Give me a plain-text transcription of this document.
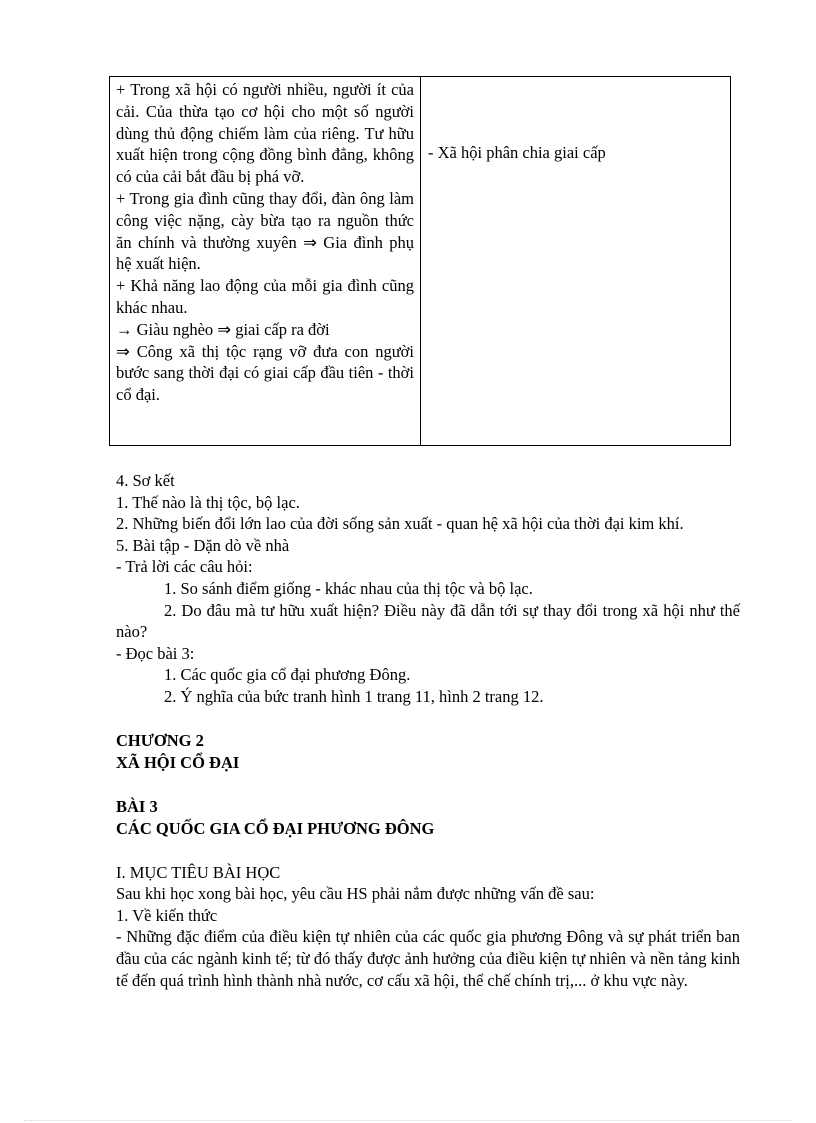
+ Trong xã hội có người nhiều, người ít của cải. Của thừa tạo cơ hội cho một số người dùng thủ động chiếm làm của riêng. Tư hữu xuất hiện trong cộng đồng bình đẳng, không có của cải bắt đầu bị phá vỡ.
+ Trong gia đình cũng thay đổi, đàn ông làm công việc nặng, cày bừa tạo ra nguồn thức ăn chính và thường xuyên ⇒ Gia đình phụ hệ xuất hiện.
+ Khả năng lao động của mỗi gia đình cũng khác nhau.
→ Giàu nghèo ⇒ giai cấp ra đời
⇒ Công xã thị tộc rạng vỡ đưa con người bước sang thời đại có giai cấp đầu tiên - thời cổ đại.
- Xã hội phân chia giai cấp
4. Sơ kết
1. Thế nào là thị tộc, bộ lạc.
2. Những biến đổi lớn lao của đời sống sản xuất - quan hệ xã hội của thời đại kim khí.
5. Bài tập - Dặn dò về nhà
- Trả lời các câu hỏi:
1. So sánh điểm giống - khác nhau của thị tộc và bộ lạc.
2. Do đâu mà tư hữu xuất hiện? Điều này đã dẫn tới sự thay đổi trong xã hội như thế nào?
- Đọc bài 3:
1. Các quốc gia cổ đại phương Đông.
2. Ý nghĩa của bức tranh hình 1 trang 11, hình 2 trang 12.
CHƯƠNG 2
XÃ HỘI CỔ ĐẠI
BÀI 3
CÁC QUỐC GIA CỔ ĐẠI PHƯƠNG ĐÔNG
I. MỤC TIÊU BÀI HỌC
Sau khi học xong bài học, yêu cầu HS phải nắm được những vấn đề sau:
1. Về kiến thức
- Những đặc điểm của điều kiện tự nhiên của các quốc gia phương Đông và sự phát triển ban đầu của các ngành kinh tế; từ đó thấy được ảnh hưởng của điều kiện tự nhiên và nền tảng kinh tế đến quá trình hình thành nhà nước, cơ cấu xã hội, thể chế chính trị,... ở khu vực này.
